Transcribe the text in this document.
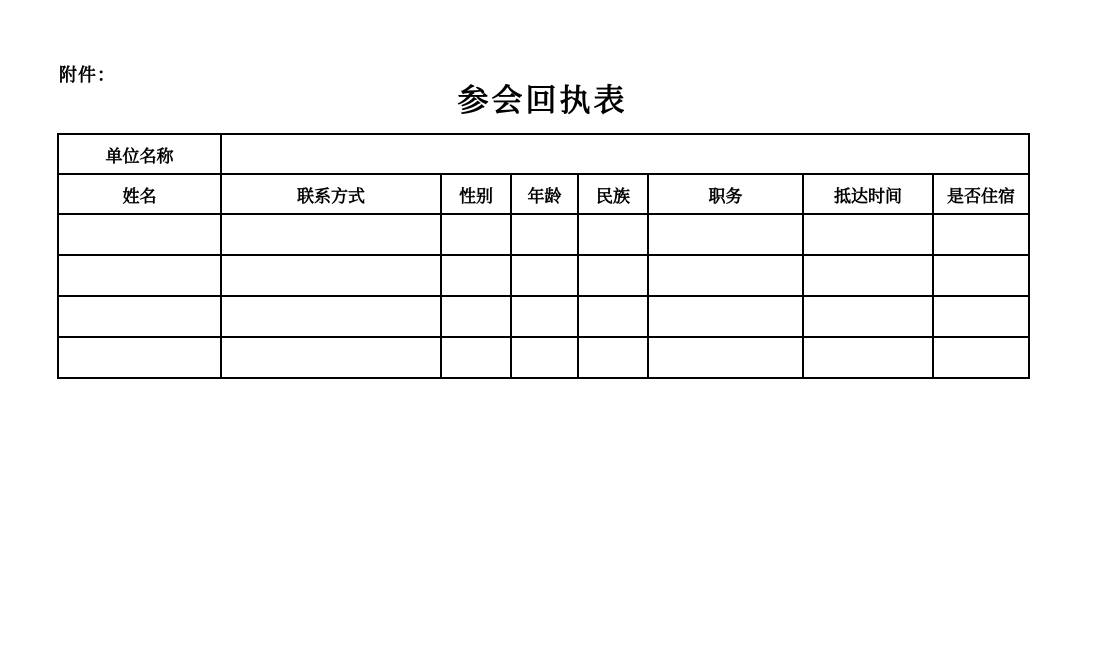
附件：
参会回执表
单位名称							
姓名	联系方式	性别	年龄	民族	职务	抵达时间	是否住宿
